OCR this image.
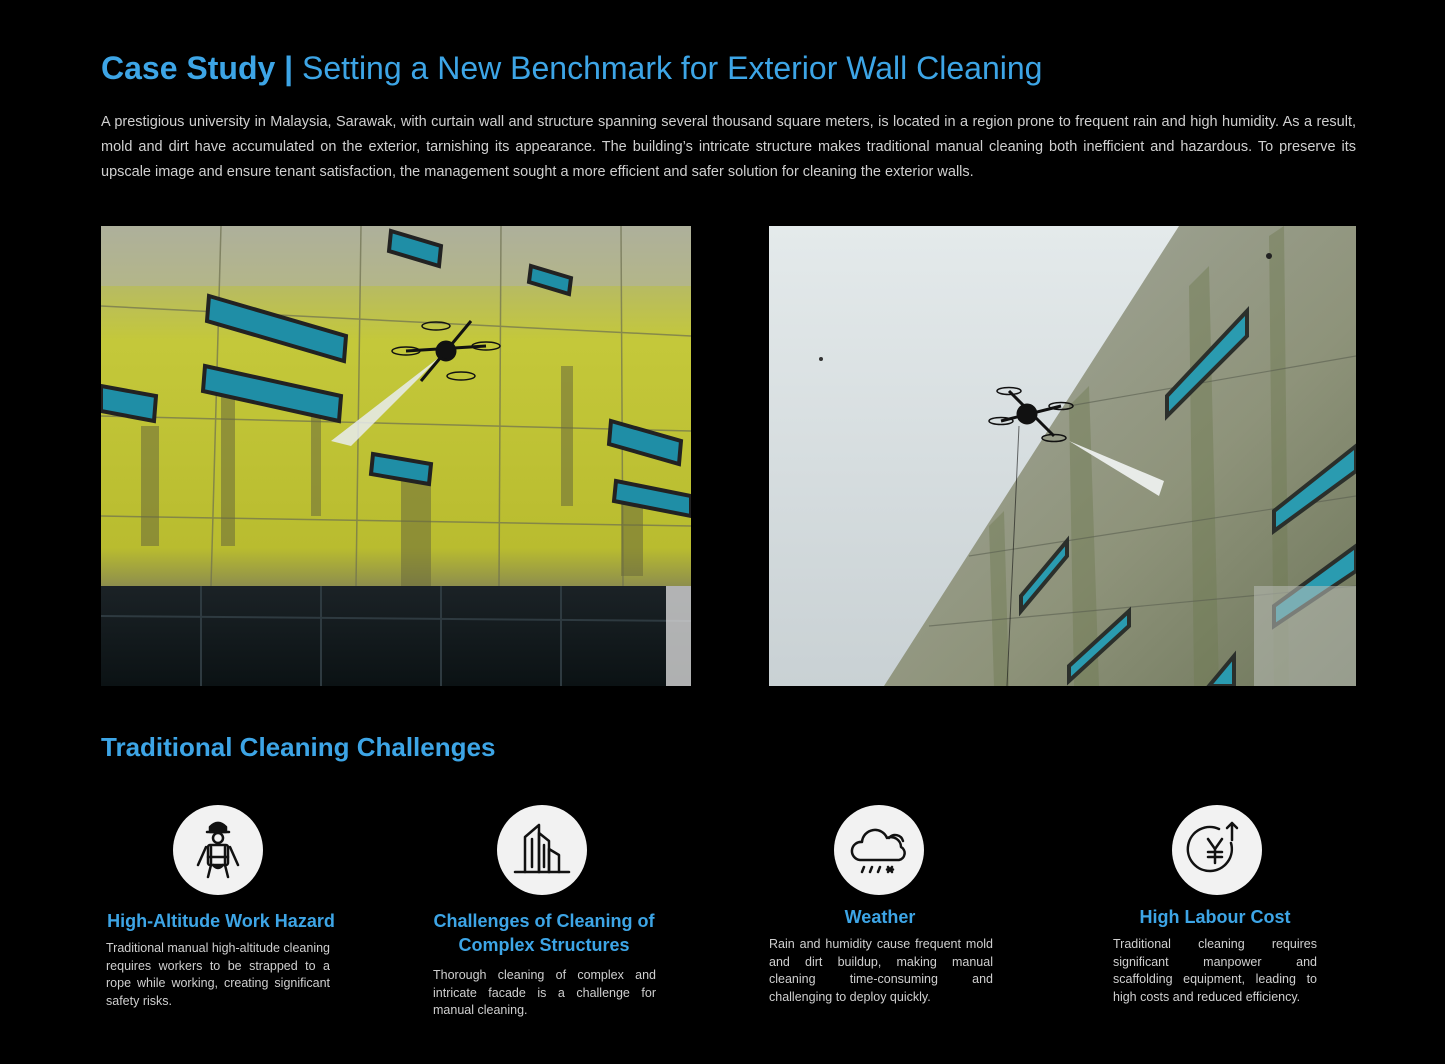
Case Study | Setting a New Benchmark for Exterior Wall Cleaning

A prestigious university in Malaysia, Sarawak, with curtain wall and structure spanning several thousand square meters, is located in a region prone to frequent rain and high humidity. As a result, mold and dirt have accumulated on the exterior, tarnishing its appearance. The building’s intricate structure makes traditional manual cleaning both inefficient and hazardous. To preserve its upscale image and ensure tenant satisfaction, the management sought a more efficient and safer solution for cleaning the exterior walls.

Traditional Cleaning Challenges
High-Altitude Work Hazard

Traditional manual high-altitude cleaning requires workers to be strapped to a rope while working, creating significant safety risks.

Challenges of Cleaning of Complex Structures

Thorough cleaning of complex and intricate facade is a challenge for manual cleaning.

Weather

Rain and humidity cause frequent mold and dirt buildup, making manual cleaning time-consuming and challenging to deploy quickly.

High Labour Cost

Traditional cleaning requires significant manpower and scaffolding equipment, leading to high costs and reduced efficiency.
